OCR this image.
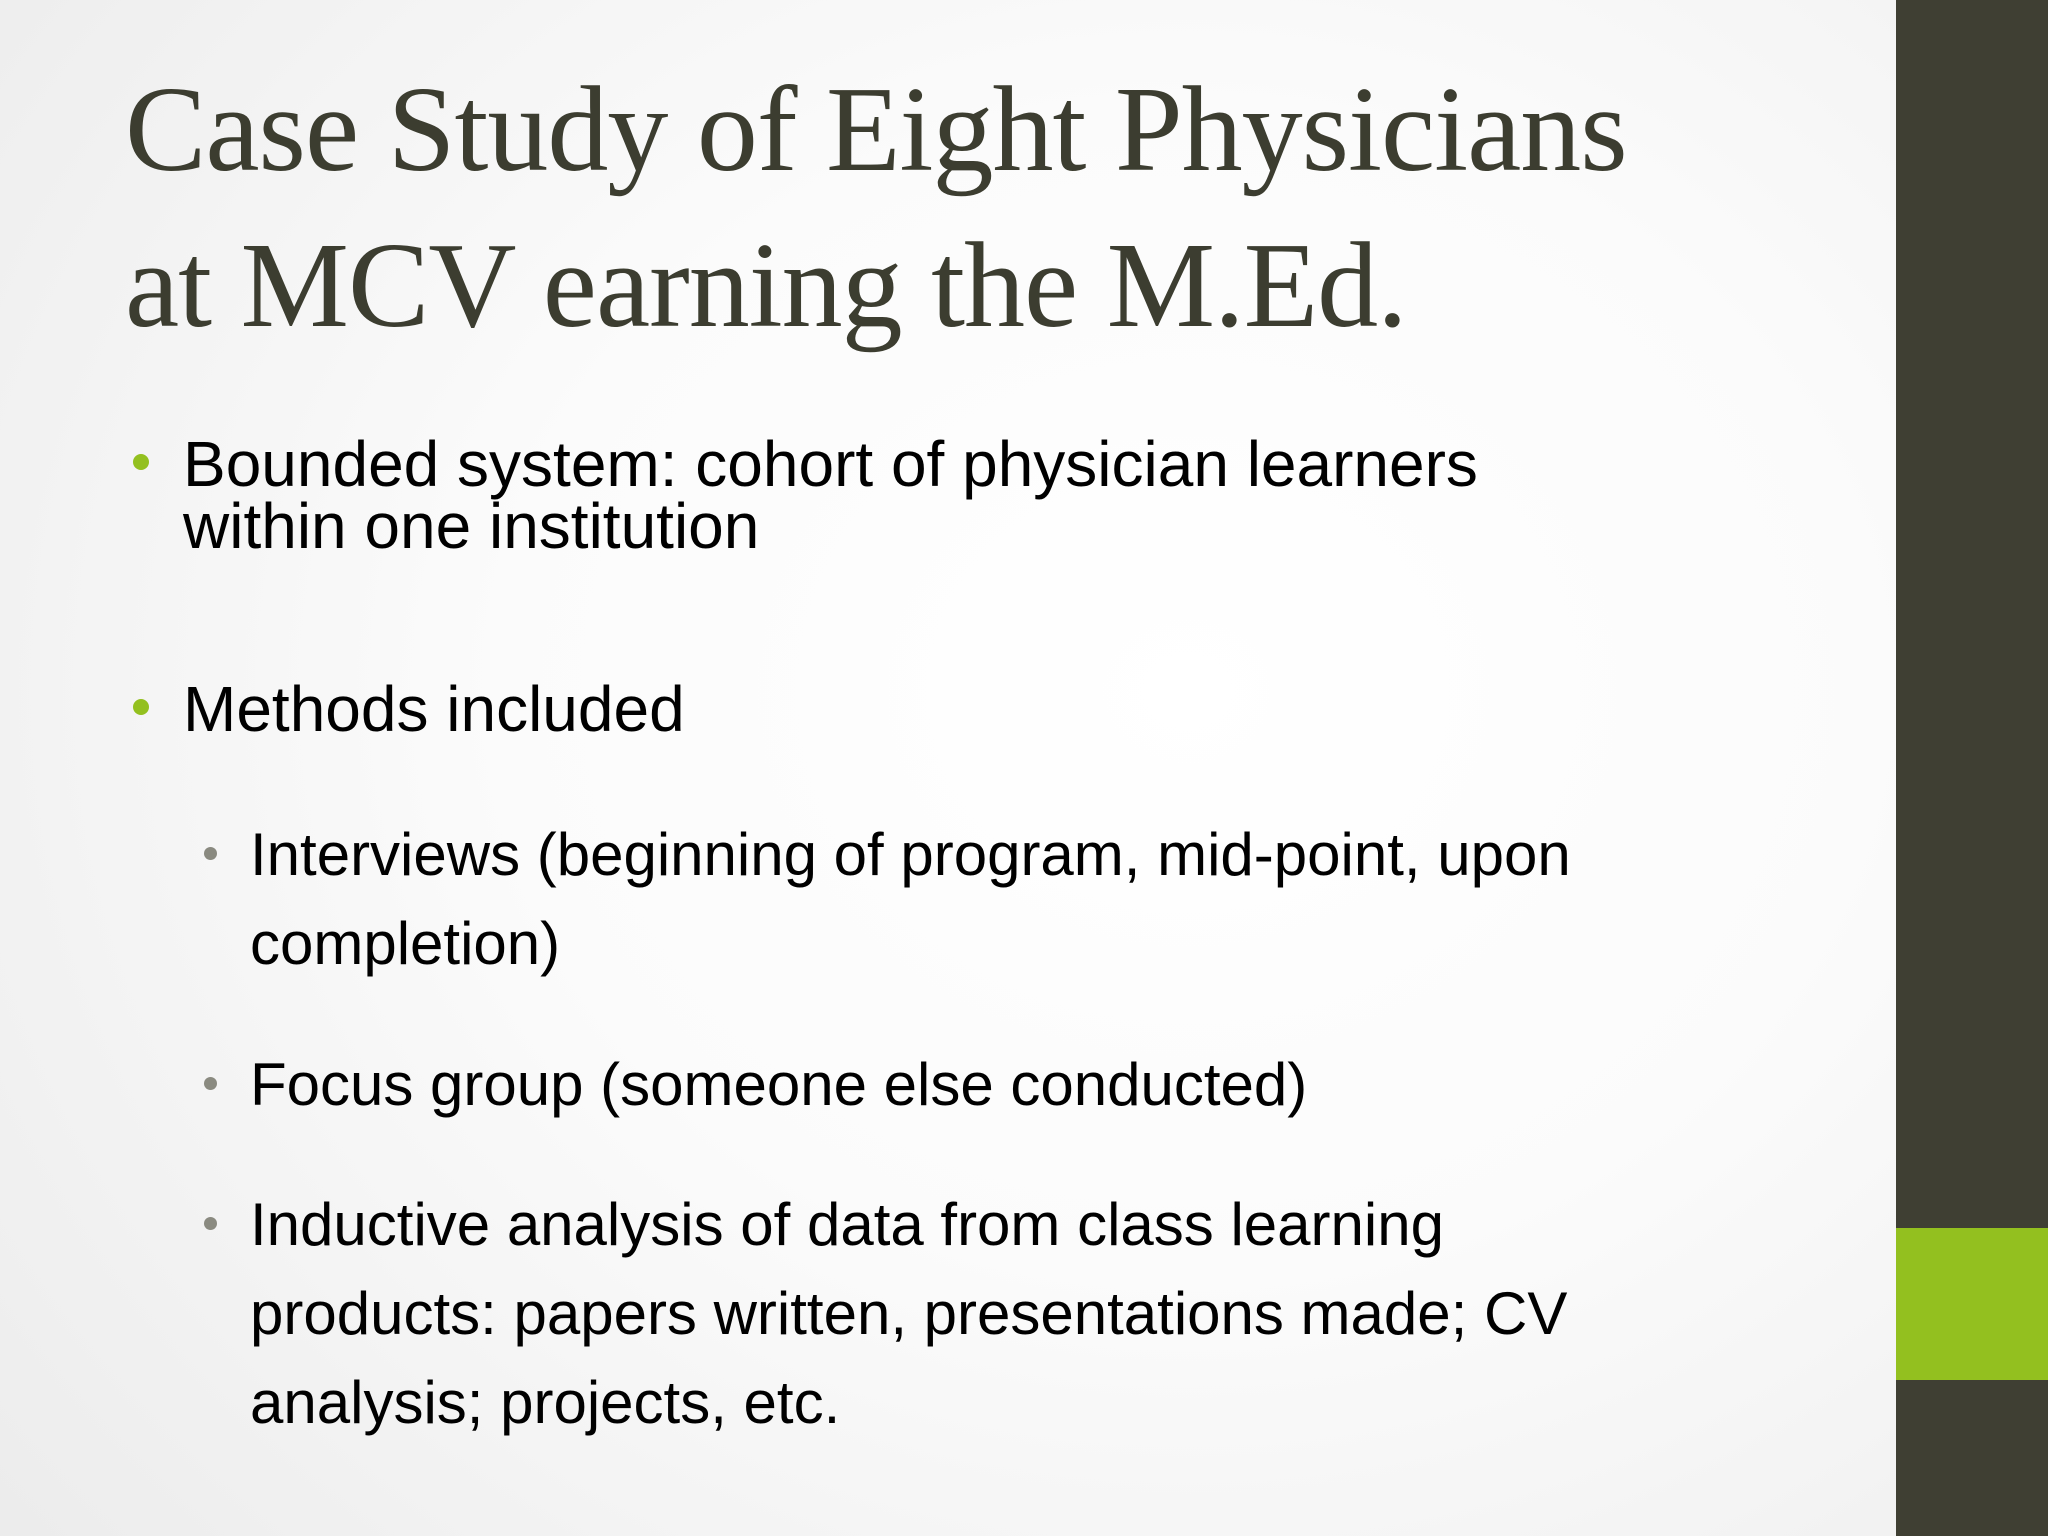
Case Study of Eight Physicians
at MCV earning the M.Ed.
Bounded system: cohort of physician learners
within one institution
Methods included
Interviews (beginning of program, mid-point, upon
completion)
Focus group (someone else conducted)
Inductive analysis of data from class learning
products: papers written, presentations made; CV
analysis; projects, etc.
